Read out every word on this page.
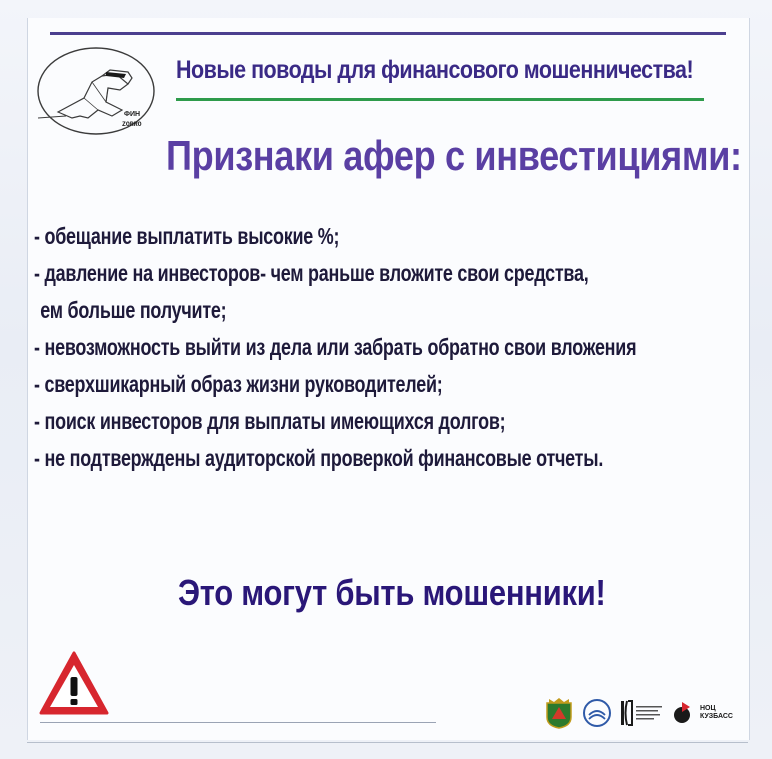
ФИН
ZORRO
Новые поводы для финансового мошенничества!
Признаки афер с инвестициями:
- обещание выплатить высокие %;
- давление на инвесторов- чем раньше вложите свои средства,
ем больше получите;
- невозможность выйти из дела или забрать обратно свои вложения
- сверхшикарный образ жизни руководителей;
- поиск инвесторов для выплаты имеющихся долгов;
- не подтверждены аудиторской проверкой финансовые отчеты.

Это могут быть мошенники!

НОЦ
КУЗБАСС
